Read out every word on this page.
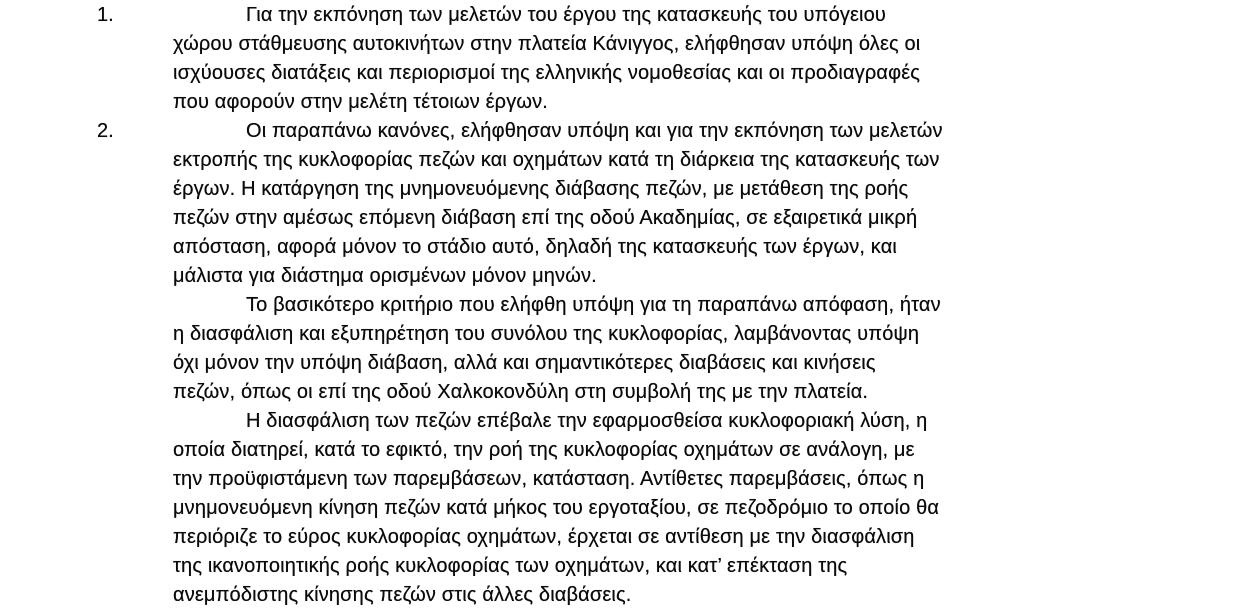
1.	Για την εκπόνηση των μελετών του έργου της κατασκευής του υπόγειου
χώρου στάθμευσης αυτοκινήτων στην πλατεία Κάνιγγος, ελήφθησαν υπόψη όλες οι
ισχύουσες διατάξεις και περιορισμοί της ελληνικής νομοθεσίας και οι προδιαγραφές
που αφορούν στην μελέτη τέτοιων έργων.
2.	Οι παραπάνω κανόνες, ελήφθησαν υπόψη και για την εκπόνηση των μελετών
εκτροπής της κυκλοφορίας πεζών και οχημάτων κατά τη διάρκεια της κατασκευής των
έργων. Η κατάργηση της μνημονευόμενης διάβασης πεζών, με μετάθεση της ροής
πεζών στην αμέσως επόμενη διάβαση επί της οδού Ακαδημίας, σε εξαιρετικά μικρή
απόσταση, αφορά μόνον το στάδιο αυτό, δηλαδή της κατασκευής των έργων, και
μάλιστα για διάστημα ορισμένων μόνον μηνών.
Το βασικότερο κριτήριο που ελήφθη υπόψη για τη παραπάνω απόφαση, ήταν
η διασφάλιση και εξυπηρέτηση του συνόλου της κυκλοφορίας, λαμβάνοντας υπόψη
όχι μόνον την υπόψη διάβαση, αλλά και σημαντικότερες διαβάσεις και κινήσεις
πεζών, όπως οι επί της οδού Χαλκοκονδύλη στη συμβολή της με την πλατεία.
Η διασφάλιση των πεζών επέβαλε την εφαρμοσθείσα κυκλοφοριακή λύση, η
οποία διατηρεί, κατά το εφικτό, την ροή της κυκλοφορίας οχημάτων σε ανάλογη, με
την προϋφιστάμενη των παρεμβάσεων, κατάσταση. Αντίθετες παρεμβάσεις, όπως η
μνημονευόμενη κίνηση πεζών κατά μήκος του εργοταξίου, σε πεζοδρόμιο το οποίο θα
περιόριζε το εύρος κυκλοφορίας οχημάτων, έρχεται σε αντίθεση με την διασφάλιση
της ικανοποιητικής ροής κυκλοφορίας των οχημάτων, και κατ’ επέκταση της
ανεμπόδιστης κίνησης πεζών στις άλλες διαβάσεις.
